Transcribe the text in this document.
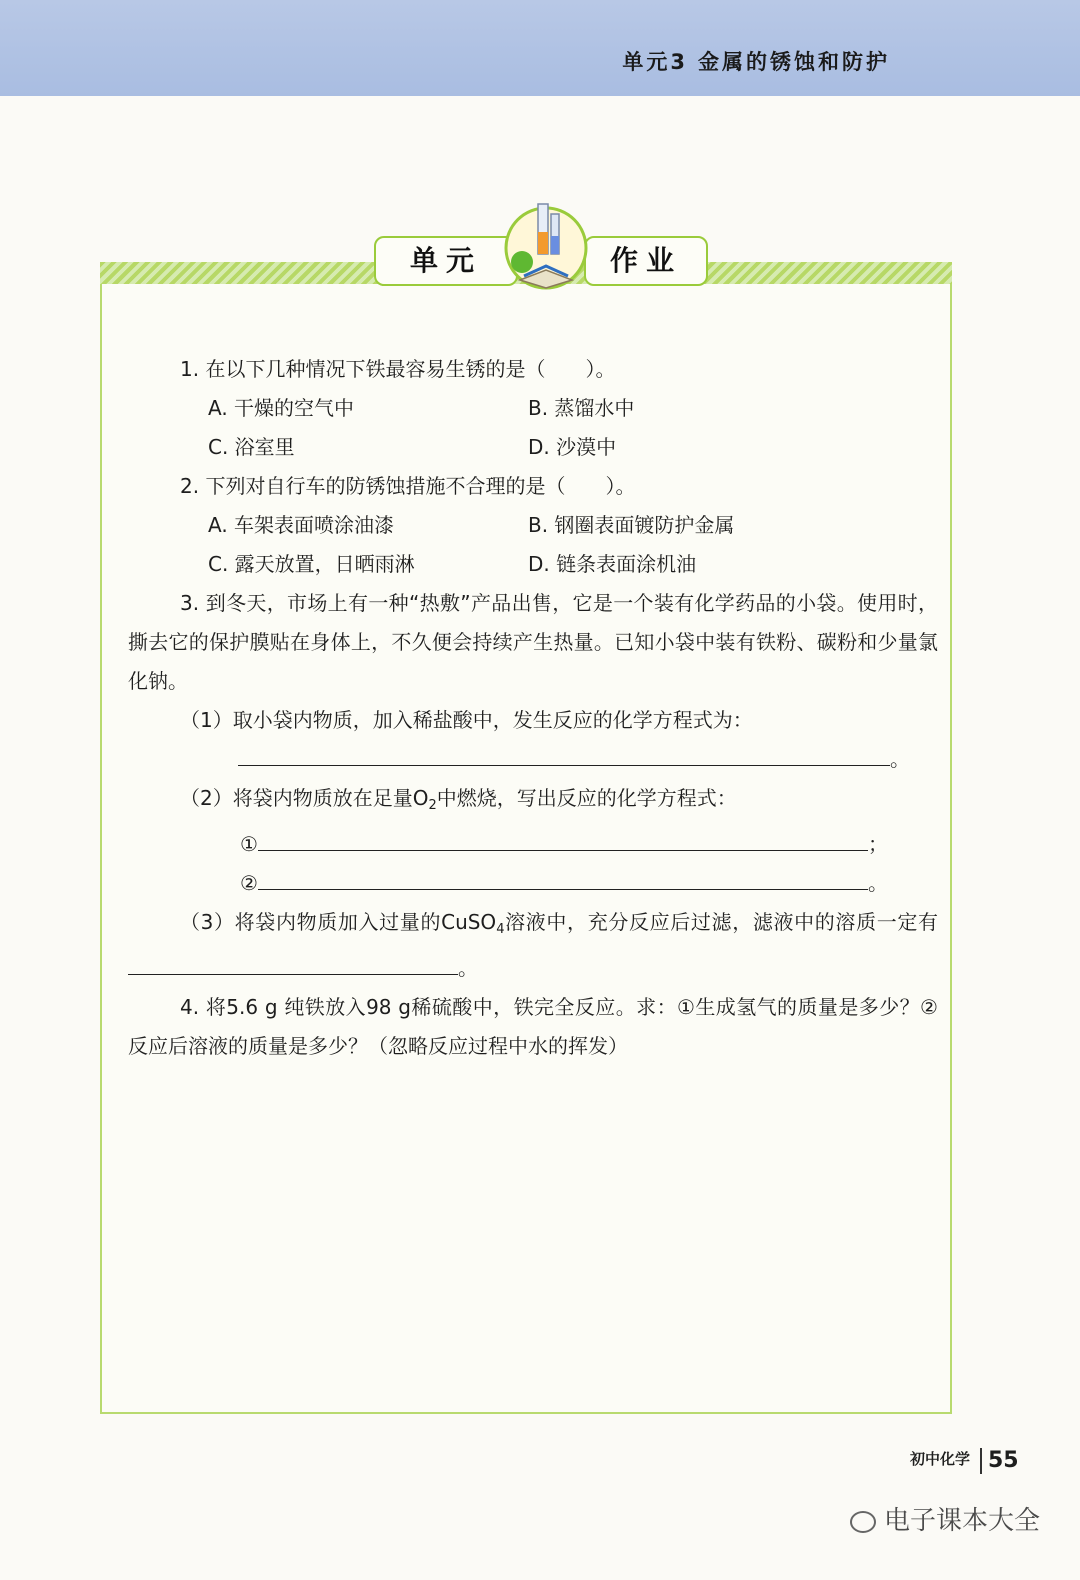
单元3 金属的锈蚀和防护
单元	作业
1. 在以下几种情况下铁最容易生锈的是（　　）。
A. 干燥的空气中	B. 蒸馏水中
C. 浴室里	D. 沙漠中
2. 下列对自行车的防锈蚀措施不合理的是（　　）。
A. 车架表面喷涂油漆	B. 钢圈表面镀防护金属
C. 露天放置，日晒雨淋	D. 链条表面涂机油
3. 到冬天，市场上有一种“热敷”产品出售，它是一个装有化学药品的小袋。使用时，撕去它的保护膜贴在身体上，不久便会持续产生热量。已知小袋中装有铁粉、碳粉和少量氯化钠。
（1）取小袋内物质，加入稀盐酸中，发生反应的化学方程式为：
。
（2）将袋内物质放在足量$O_2$中燃烧，写出反应的化学方程式：
①	；
②	。
（3）将袋内物质加入过量的CuSO$_4$溶液中，充分反应后过滤，滤液中的溶质一定有。
4. 将5.6 g 纯铁放入98 g稀硫酸中，铁完全反应。求：①生成氢气的质量是多少？②反应后溶液的质量是多少？（忽略反应过程中水的挥发）
初中化学 55
电子课本大全
